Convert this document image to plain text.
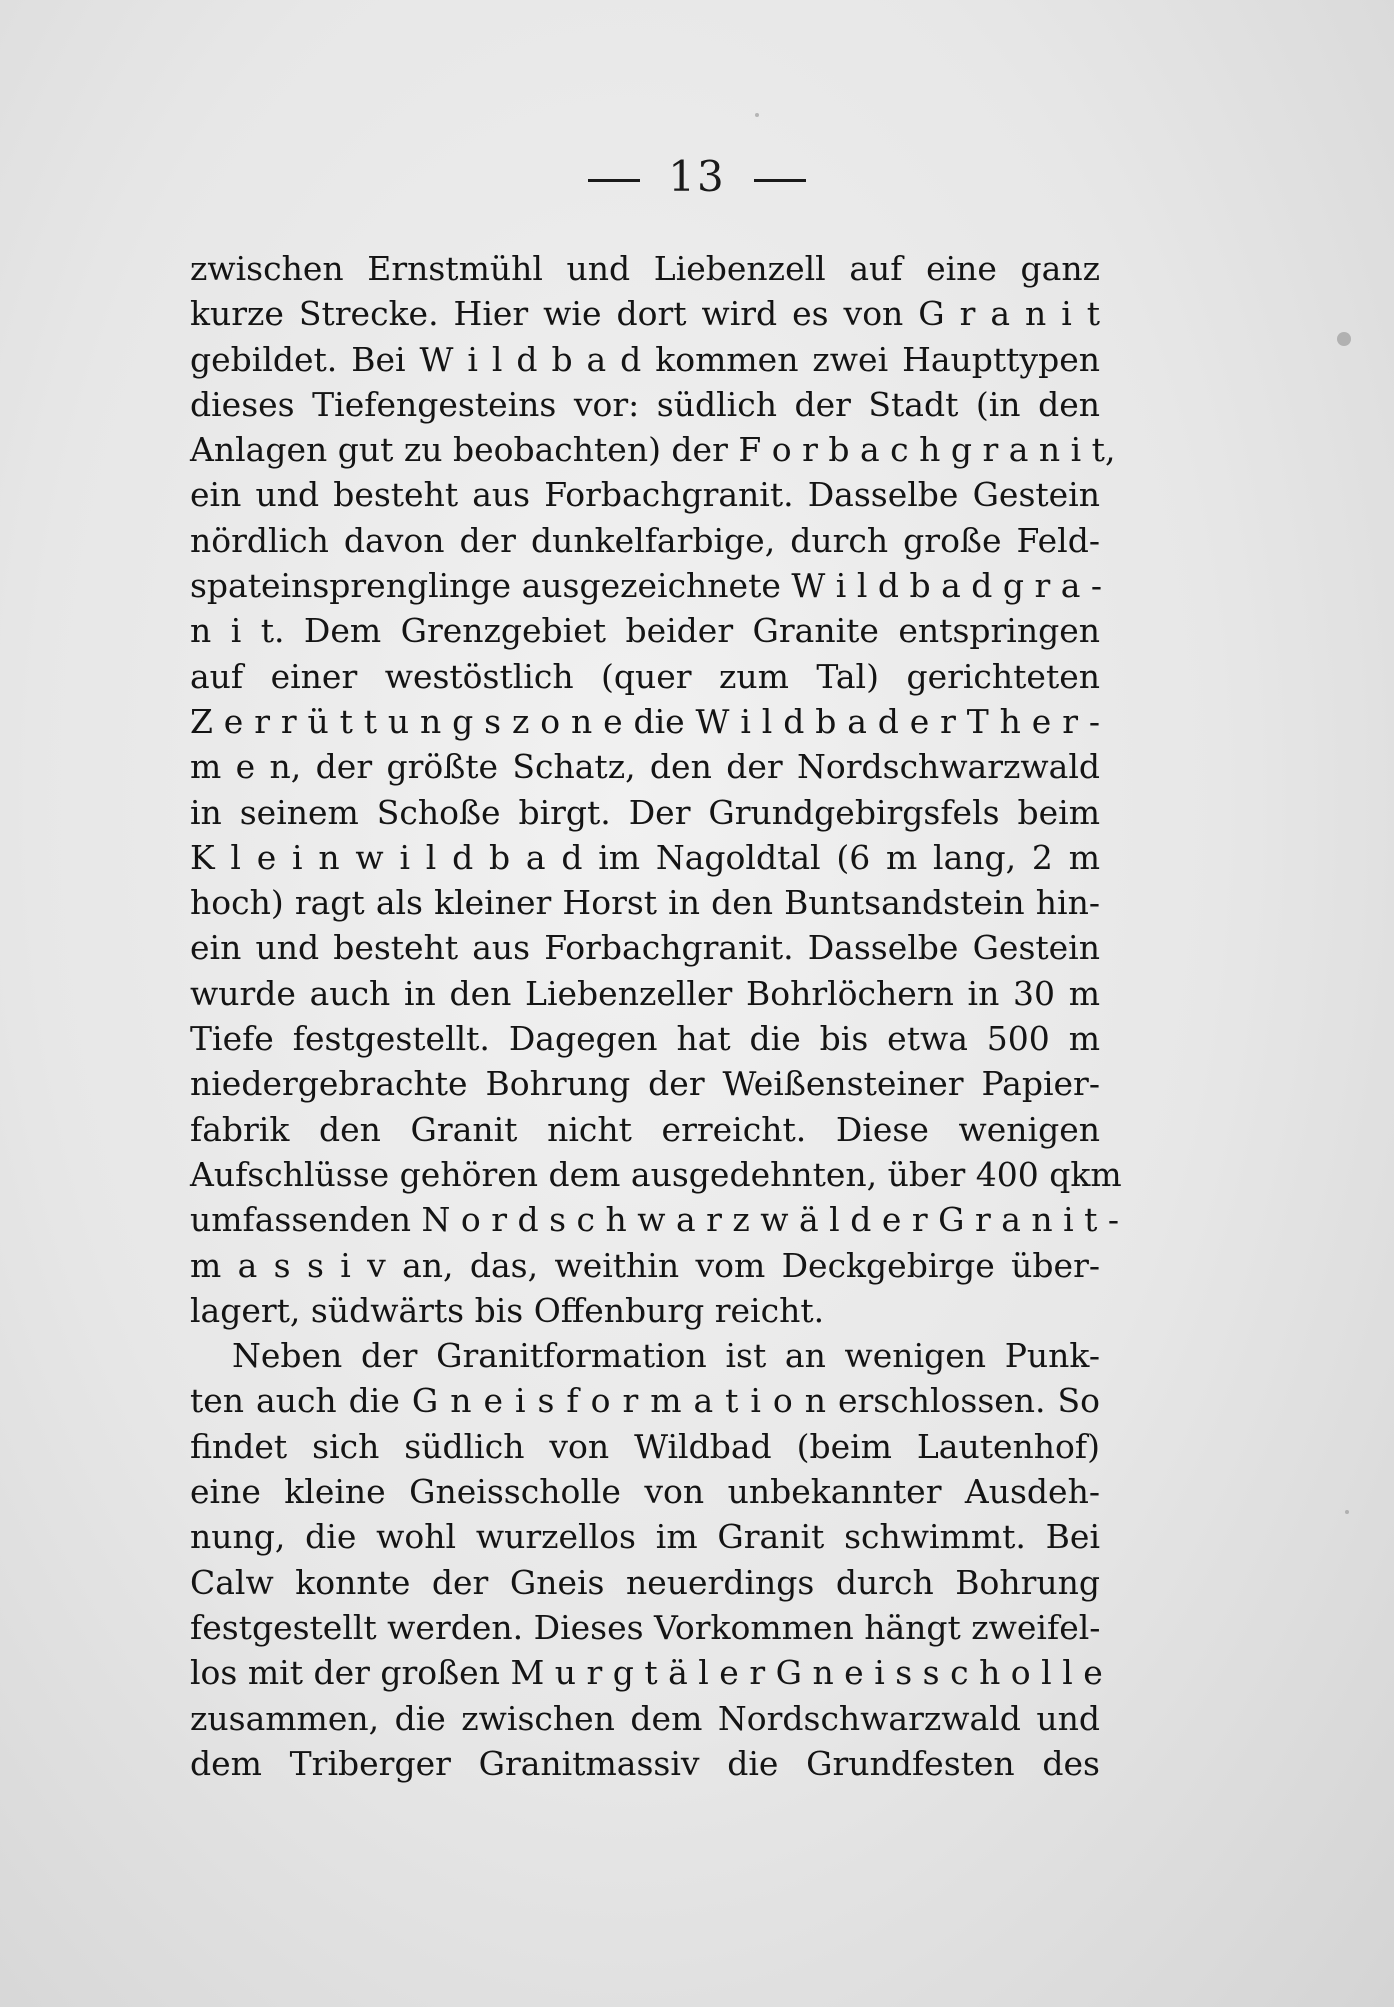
13
zwischen Ernstmühl und Liebenzell auf eine ganz
kurze Strecke. Hier wie dort wird es von G r a n i t
gebildet. Bei W i l d b a d kommen zwei Haupttypen
dieses Tiefengesteins vor: südlich der Stadt (in den
Anlagen gut zu beobachten) der F o r b a c h g r a n i t,
ein und besteht aus Forbachgranit. Dasselbe Gestein
nördlich davon der dunkelfarbige, durch große Feld-
spateinsprenglinge ausgezeichnete W i l d b a d g r a -
n i t. Dem Grenzgebiet beider Granite entspringen
auf einer westöstlich (quer zum Tal) gerichteten
Z e r r ü t t u n g s z o n e die W i l d b a d e r T h e r -
m e n, der größte Schatz, den der Nordschwarzwald
in seinem Schoße birgt. Der Grundgebirgsfels beim
K l e i n w i l d b a d im Nagoldtal (6 m lang, 2 m
hoch) ragt als kleiner Horst in den Buntsandstein hin-
ein und besteht aus Forbachgranit. Dasselbe Gestein
wurde auch in den Liebenzeller Bohrlöchern in 30 m
Tiefe festgestellt. Dagegen hat die bis etwa 500 m
niedergebrachte Bohrung der Weißensteiner Papier-
fabrik den Granit nicht erreicht. Diese wenigen
Aufschlüsse gehören dem ausgedehnten, über 400 qkm
umfassenden N o r d s c h w a r z w ä l d e r G r a n i t -
m a s s i v an, das, weithin vom Deckgebirge über-
lagert, südwärts bis Offenburg reicht.
Neben der Granitformation ist an wenigen Punk-
ten auch die G n e i s f o r m a t i o n erschlossen. So
findet sich südlich von Wildbad (beim Lautenhof)
eine kleine Gneisscholle von unbekannter Ausdeh-
nung, die wohl wurzellos im Granit schwimmt. Bei
Calw konnte der Gneis neuerdings durch Bohrung
festgestellt werden. Dieses Vorkommen hängt zweifel-
los mit der großen M u r g t ä l e r G n e i s s c h o l l e
zusammen, die zwischen dem Nordschwarzwald und
dem Triberger Granitmassiv die Grundfesten des
